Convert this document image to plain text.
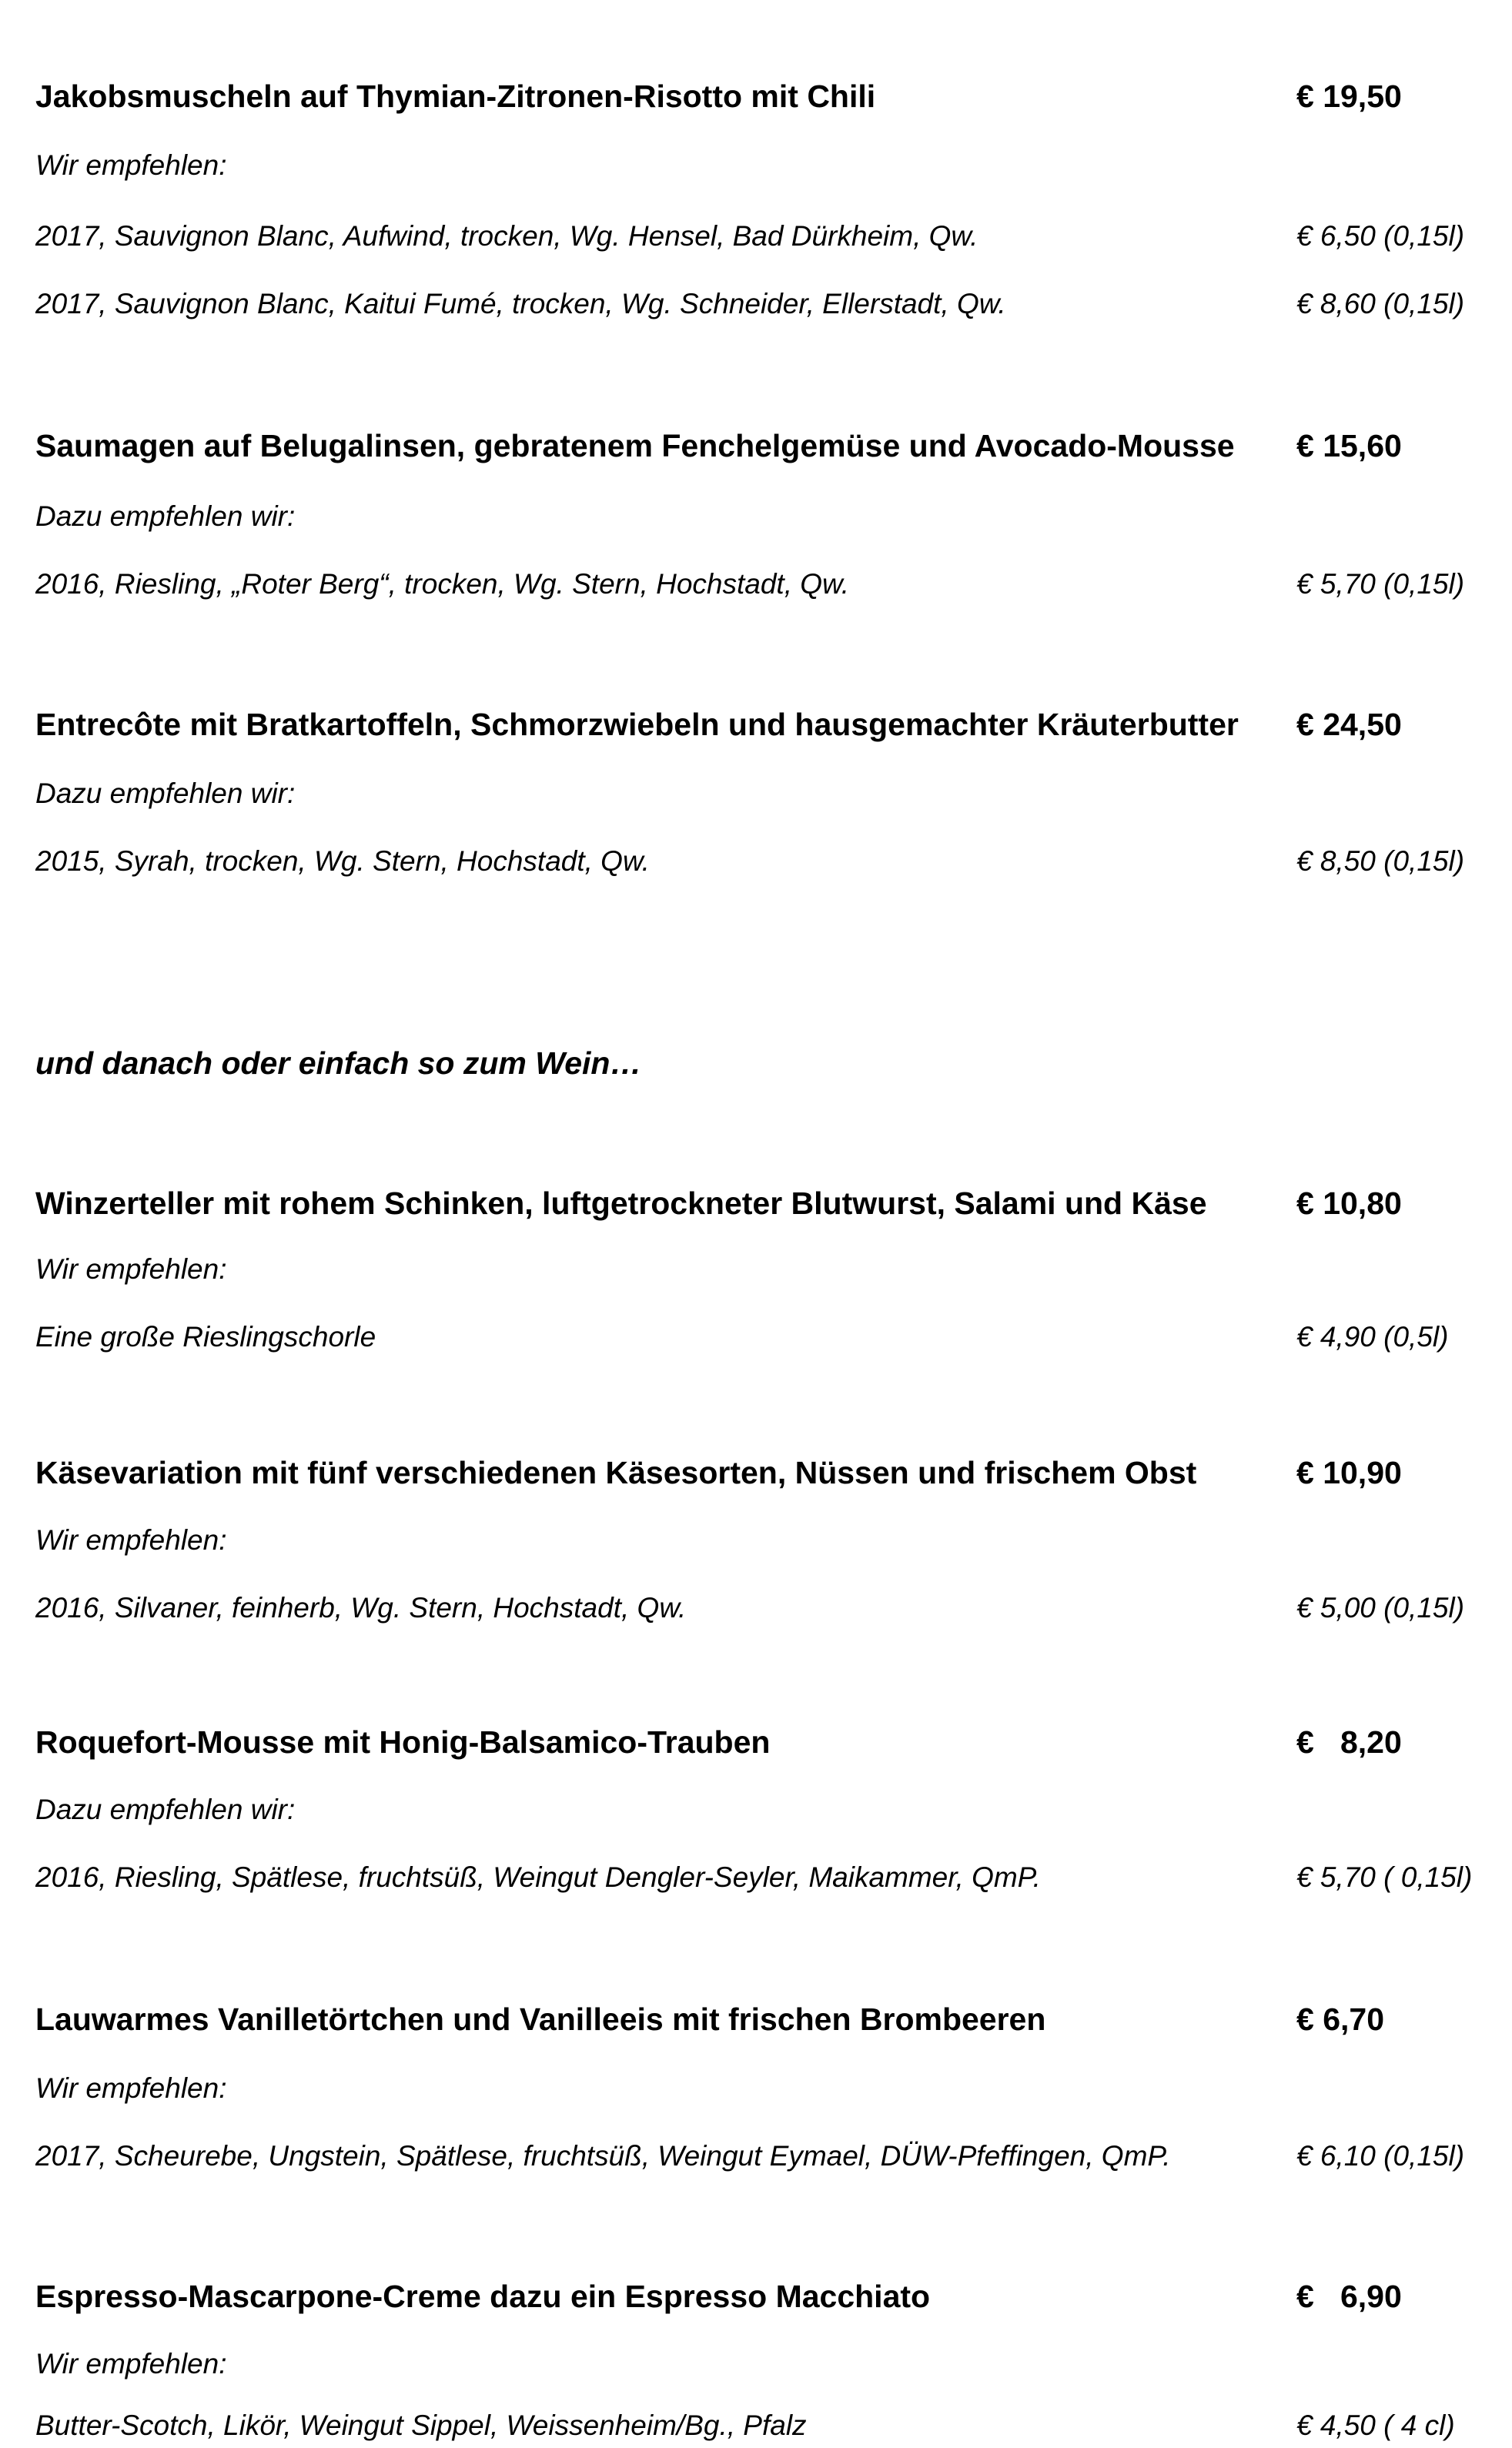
Jakobsmuscheln auf Thymian-Zitronen-Risotto mit Chili	€ 19,50
Wir empfehlen:
2017, Sauvignon Blanc, Aufwind, trocken, Wg. Hensel, Bad Dürkheim, Qw.	€ 6,50 (0,15l)
2017, Sauvignon Blanc, Kaitui Fumé, trocken, Wg. Schneider, Ellerstadt, Qw.	€ 8,60 (0,15l)
Saumagen auf Belugalinsen, gebratenem Fenchelgemüse und Avocado-Mousse € 15,60
Dazu empfehlen wir:
2016, Riesling, „Roter Berg“, trocken, Wg. Stern, Hochstadt, Qw.	€ 5,70 (0,15l)
Entrecôte mit Bratkartoffeln, Schmorzwiebeln und hausgemachter Kräuterbutter € 24,50
Dazu empfehlen wir:
2015, Syrah, trocken, Wg. Stern, Hochstadt, Qw.	€ 8,50 (0,15l)
und danach oder einfach so zum Wein…
Winzerteller mit rohem Schinken, luftgetrockneter Blutwurst, Salami und Käse	€ 10,80
Wir empfehlen:
Eine große Rieslingschorle	€ 4,90 (0,5l)
Käsevariation mit fünf verschiedenen Käsesorten, Nüssen und frischem Obst	€ 10,90
Wir empfehlen:
2016, Silvaner, feinherb, Wg. Stern, Hochstadt, Qw.	€ 5,00 (0,15l)
Roquefort-Mousse mit Honig-Balsamico-Trauben	€   8,20
Dazu empfehlen wir:
2016, Riesling, Spätlese, fruchtsüß, Weingut Dengler-Seyler, Maikammer, QmP.	€ 5,70 ( 0,15l)
Lauwarmes Vanilletörtchen und Vanilleeis mit frischen Brombeeren	€ 6,70
Wir empfehlen:
2017, Scheurebe, Ungstein, Spätlese, fruchtsüß, Weingut Eymael, DÜW-Pfeffingen, QmP.	€ 6,10 (0,15l)
Espresso-Mascarpone-Creme dazu ein Espresso Macchiato	€   6,90
Wir empfehlen:
Butter-Scotch, Likör, Weingut Sippel, Weissenheim/Bg., Pfalz	€ 4,50 ( 4 cl)
